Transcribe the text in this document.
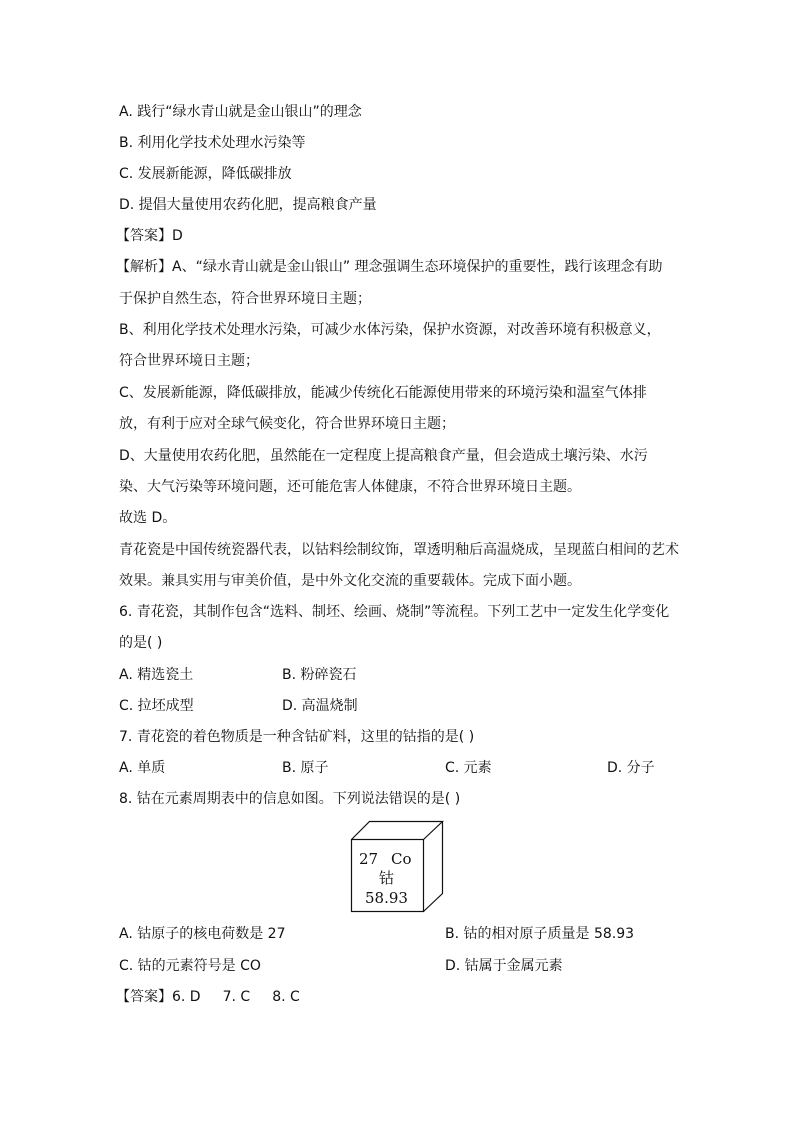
A. 践行“绿水青山就是金山银山”的理念
B. 利用化学技术处理水污染等
C. 发展新能源，降低碳排放
D. 提倡大量使用农药化肥，提高粮食产量
【答案】D
【解析】A、“绿水青山就是金山银山” 理念强调生态环境保护的重要性，践行该理念有助
于保护自然生态，符合世界环境日主题；
B、利用化学技术处理水污染，可减少水体污染，保护水资源，对改善环境有积极意义，
符合世界环境日主题；
C、发展新能源，降低碳排放，能减少传统化石能源使用带来的环境污染和温室气体排
放，有利于应对全球气候变化，符合世界环境日主题；
D、大量使用农药化肥，虽然能在一定程度上提高粮食产量，但会造成土壤污染、水污
染、大气污染等环境问题，还可能危害人体健康，不符合世界环境日主题。
故选 D。
青花瓷是中国传统瓷器代表，以钴料绘制纹饰，罩透明釉后高温烧成，呈现蓝白相间的艺术
效果。兼具实用与审美价值，是中外文化交流的重要载体。完成下面小题。
6. 青花瓷，其制作包含“选料、制坯、绘画、烧制”等流程。下列工艺中一定发生化学变化
的是( )
A. 精选瓷土	B. 粉碎瓷石
C. 拉坯成型	D. 高温烧制
7. 青花瓷的着色物质是一种含钴矿料，这里的钴指的是( )
A. 单质	B. 原子	C. 元素	D. 分子
8. 钴在元素周期表中的信息如图。下列说法错误的是( )
27 Co
钴
58.93
A. 钴原子的核电荷数是 27	B. 钴的相对原子质量是 58.93
C. 钴的元素符号是 CO	D. 钴属于金属元素
【答案】6. D 7. C 8. C
